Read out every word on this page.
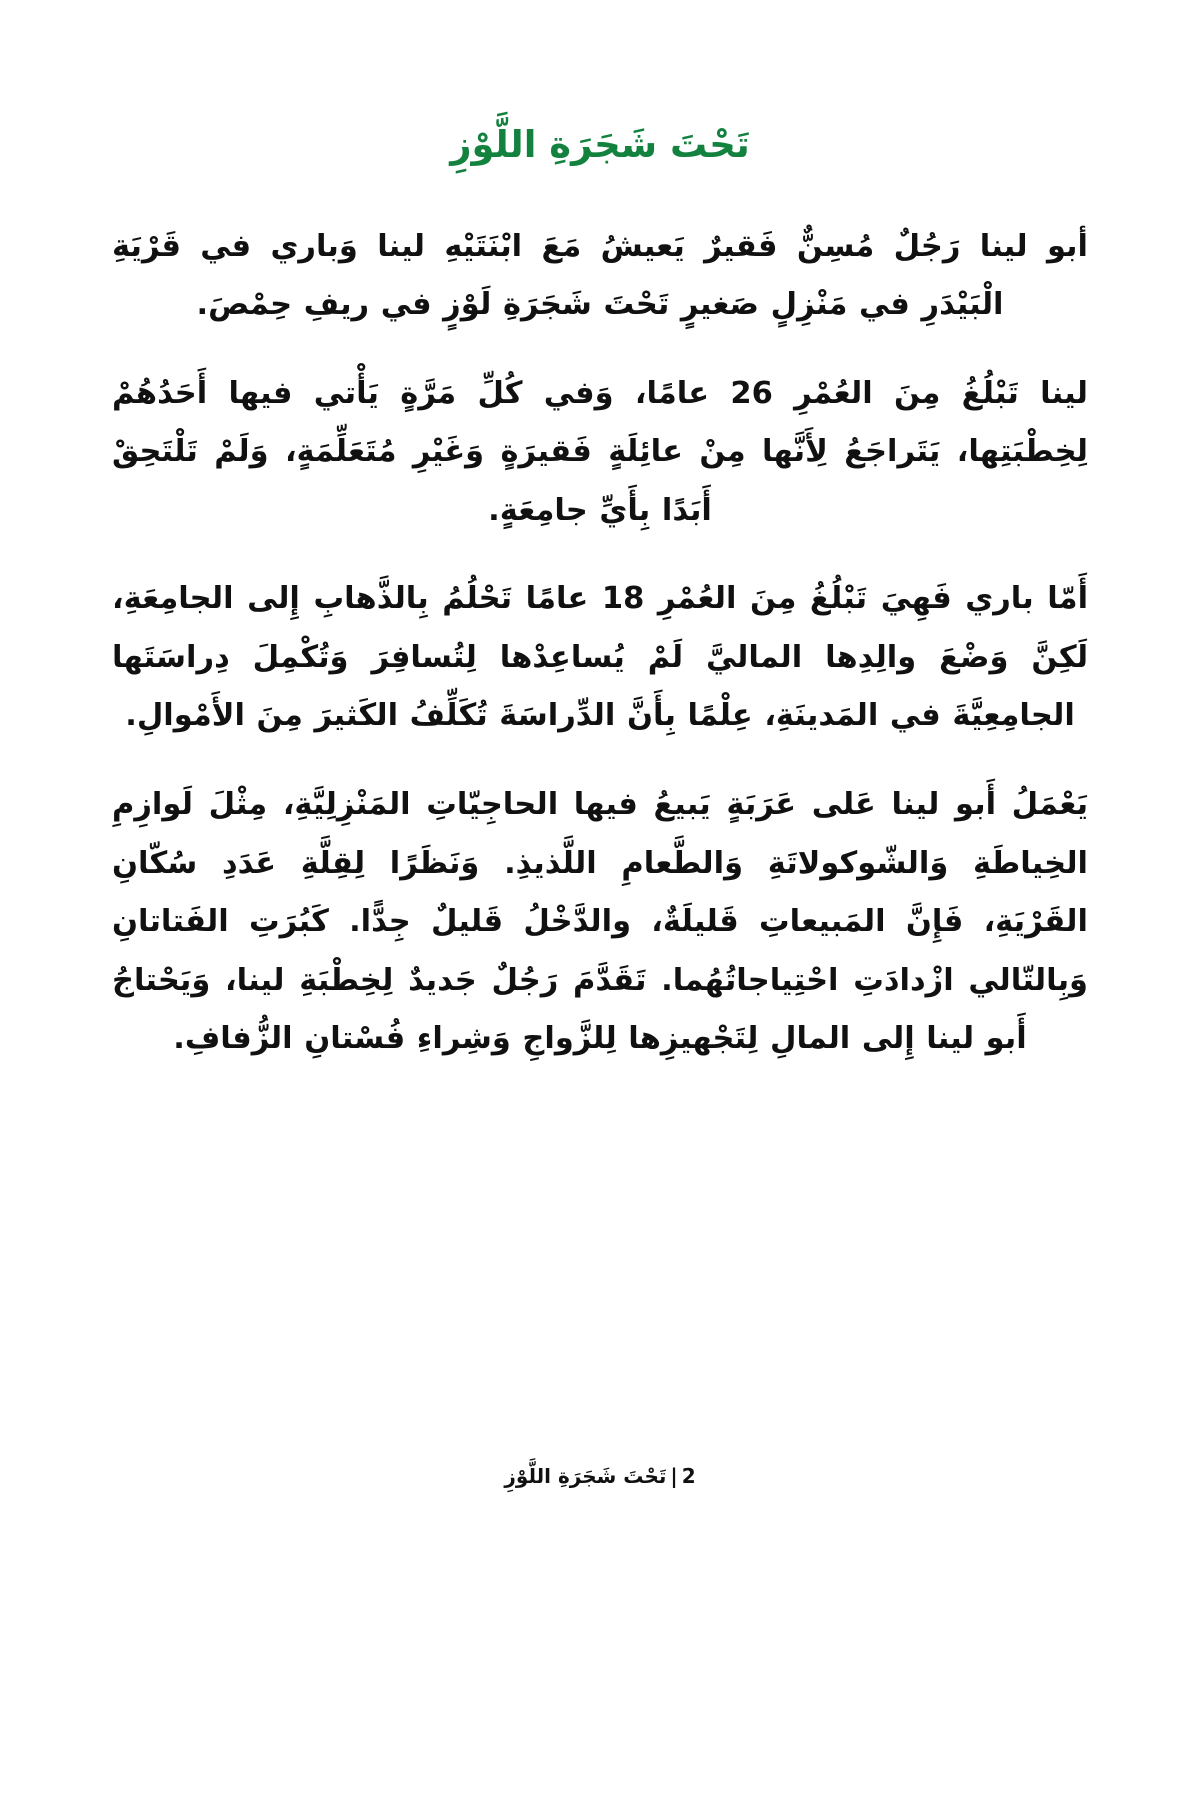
تَحْتَ شَجَرَةِ اللَّوْزِ

أبو لينا رجل مسن فقير يعيش مع ابنتيه لينا وباري في قرية البيدر في منزل صغير تحت شجرة لوز في ريف حمص.

لينا تبلغ من العمر 26 عاما، وفي كل مرة يأتي فيها أحدهم لخطبتها، يتراجع لنها من عائلة فقيرة وغير متعلمة، ولم تلتحق أبدا بأي جامعة.

أما باري فهي تبلغ من العمر 18 عاما تحلم بالذهاب إلى الجامعة، لكن وضع والدها المالي لم يساعدها لتسافر وتكمل دراستها الجامعية في المدينة، علما بأن الدراسة تكلف الكثير من الأموال.

يعمل أبو لينا على عربة يبيع فيها الحاجيات المنزلية، مثل لوازم الخياطة والشوكولاتة والطعام اللذيذ. ونظرا لقلة عدد سكان القرية، فإن المبيعات قليلة، والدخل قليل جدا. كبرت الفتاتان وبالتالي ازدادت احتياجاتهما. تقدم رجل جديد لخطبة لينا، ويحتاج أبو لينا إلى المال لتجهيزها للزواج وشراء فستان الزفاف.

2|تحت شجرة اللوز
